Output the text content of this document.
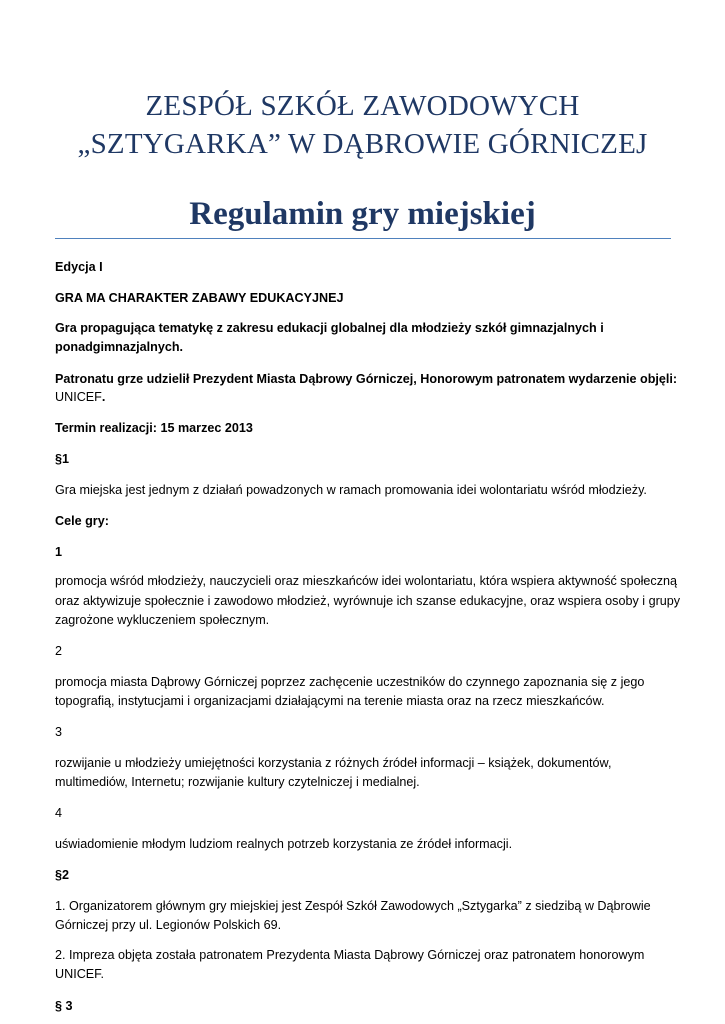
ZESPÓŁ SZKÓŁ ZAWODOWYCH
„SZTYGARKA” W DĄBROWIE GÓRNICZEJ
Regulamin gry miejskiej
Edycja I
GRA MA CHARAKTER ZABAWY EDUKACYJNEJ
Gra propagująca tematykę z zakresu edukacji globalnej dla młodzieży szkół gimnazjalnych i
ponadgimnazjalnych.
Patronatu grze udzielił Prezydent Miasta Dąbrowy Górniczej, Honorowym patronatem wydarzenie objęli:
UNICEF.
Termin realizacji: 15 marzec 2013
§1
Gra miejska jest jednym z działań powadzonych w ramach promowania idei wolontariatu wśród młodzieży.
Cele gry:
1
promocja wśród młodzieży, nauczycieli oraz mieszkańców idei wolontariatu, która wspiera aktywność społeczną
oraz aktywizuje społecznie i zawodowo młodzież, wyrównuje ich szanse edukacyjne, oraz wspiera osoby i grupy
zagrożone wykluczeniem społecznym.
2
promocja miasta Dąbrowy Górniczej poprzez zachęcenie uczestników do czynnego zapoznania się z jego
topografią, instytucjami i organizacjami działającymi na terenie miasta oraz na rzecz mieszkańców.
3
rozwijanie u młodzieży umiejętności korzystania z różnych źródeł informacji – książek, dokumentów,
multimediów, Internetu; rozwijanie kultury czytelniczej i medialnej.
4
uświadomienie młodym ludziom realnych potrzeb korzystania ze źródeł informacji.
§2
1. Organizatorem głównym gry miejskiej jest Zespół Szkół Zawodowych „Sztygarka” z siedzibą w Dąbrowie
Górniczej przy ul. Legionów Polskich 69.
2. Impreza objęta została patronatem Prezydenta Miasta Dąbrowy Górniczej oraz patronatem honorowym
UNICEF.
§ 3
